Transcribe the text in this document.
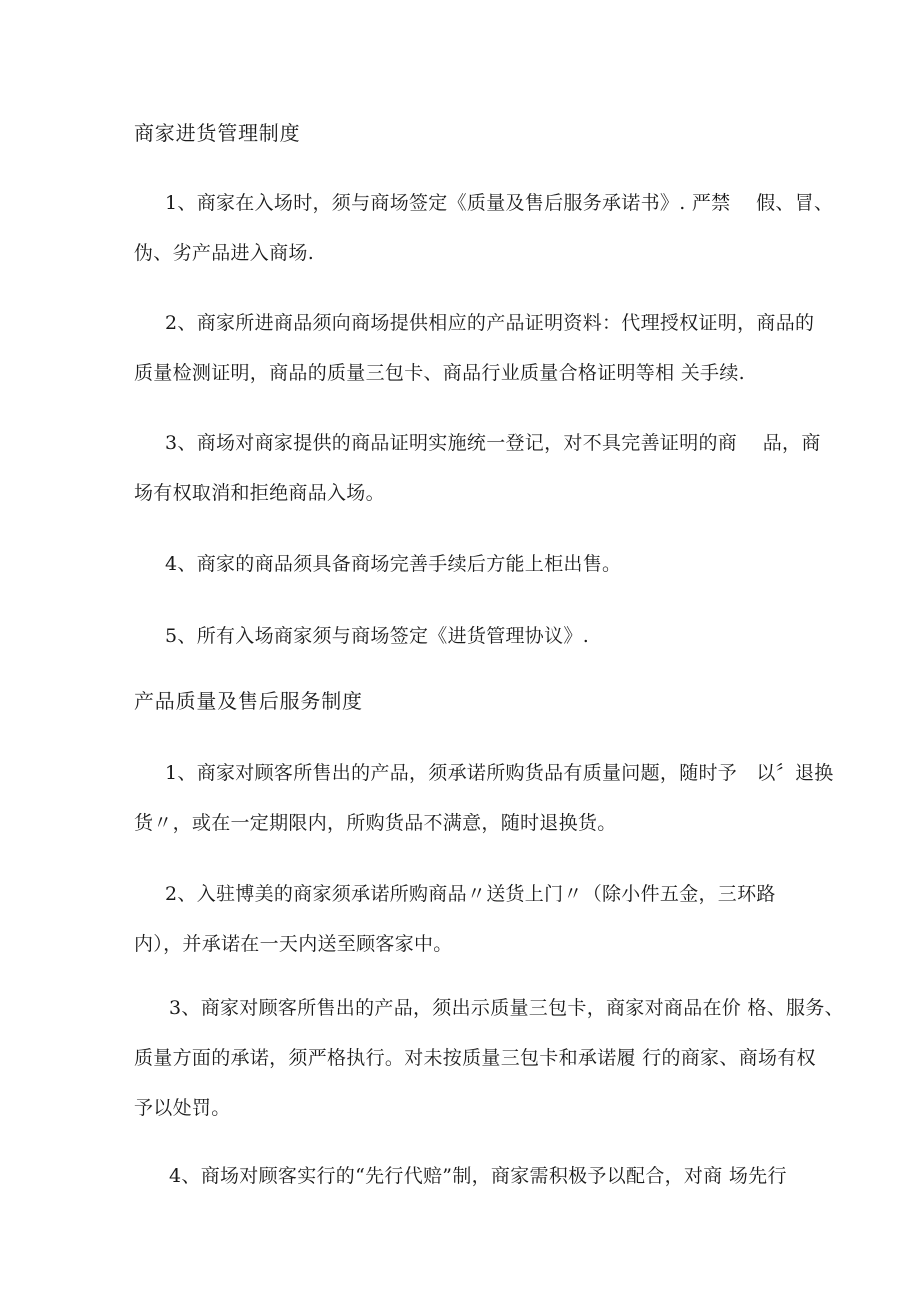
商家进货管理制度
1、商家在入场时，须与商场签定《质量及售后服务承诺书》. 严禁　 假、冒、
伪、劣产品进入商场.
2、商家所进商品须向商场提供相应的产品证明资料：代理授权证明，商品的
质量检测证明，商品的质量三包卡、商品行业质量合格证明等相 关手续.
3、商场对商家提供的商品证明实施统一登记，对不具完善证明的商　 品，商
场有权取消和拒绝商品入场。
4、商家的商品须具备商场完善手续后方能上柜出售。
5、所有入场商家须与商场签定《进货管理协议》.
产品质量及售后服务制度
1、商家对顾客所售出的产品，须承诺所购货品有质量问题，随时予　以〞退换
货〃，或在一定期限内，所购货品不满意，随时退换货。
2、入驻博美的商家须承诺所购商品〃送货上门〃（除小件五金，三环路
内），并承诺在一天内送至顾客家中。
3、商家对顾客所售出的产品，须出示质量三包卡，商家对商品在价 格、服务、
质量方面的承诺，须严格执行。对未按质量三包卡和承诺履 行的商家、商场有权
予以处罚。
4、商场对顾客实行的“先行代赔”制，商家需积极予以配合，对商 场先行
